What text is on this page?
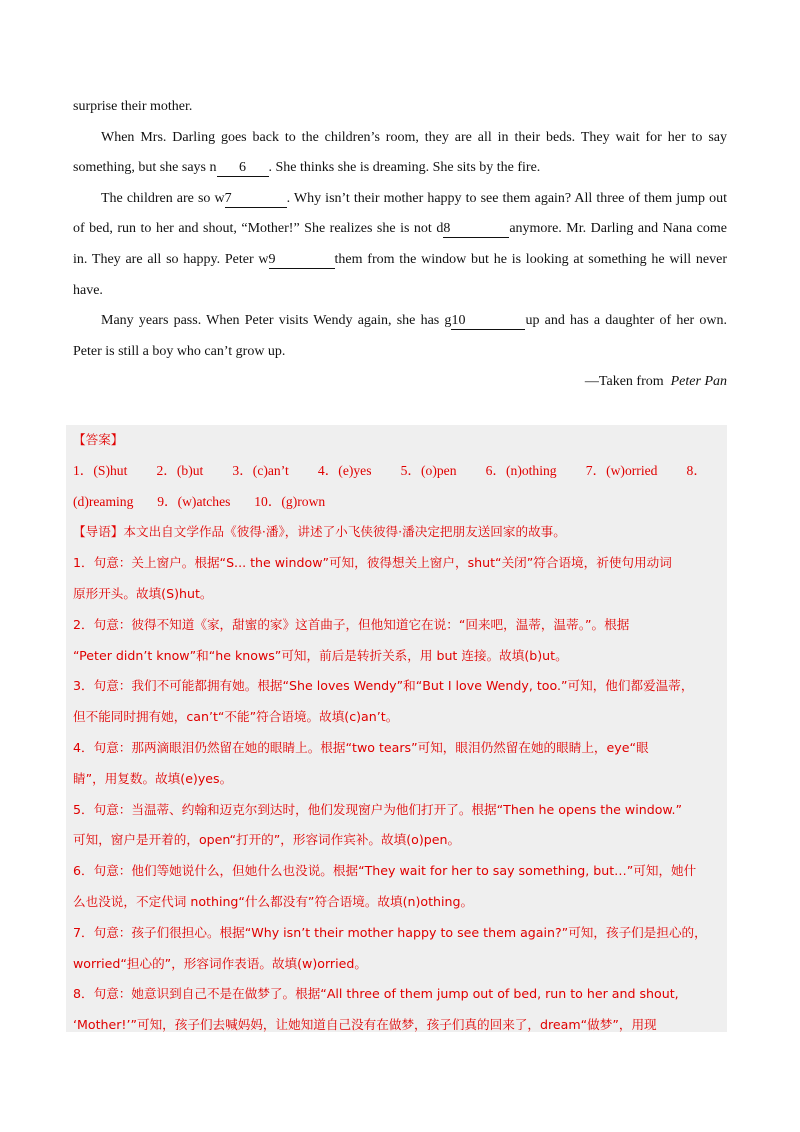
surprise their mother.
When Mrs. Darling goes back to the children’s room, they are all in their beds. They wait for her to say
something, but she says n 6 . She thinks she is dreaming. She sits by the fire.
The children are so w7	. Why isn’t their mother happy to see them again? All three of them jump out
of bed, run to her and shout, “Mother!” She realizes she is not d8	anymore. Mr. Darling and Nana come
in. They are all so happy. Peter w9	them from the window but he is looking at something he will never
have.
Many years pass. When Peter visits Wendy again, she has g10	up and has a daughter of her own.
Peter is still a boy who can’t grow up.
—Taken from Peter Pan
【答案】
1．(S)hut 2．(b)ut 3．(c)an’t 4．(e)yes 5．(o)pen 6．(n)othing 7．(w)orried 8．
(d)reaming 9．(w)atches 10．(g)rown
【导语】本文出自文学作品《彼得·潘》，讲述了小飞侠彼得·潘决定把朋友送回家的故事。
1．句意：关上窗户。根据“S... the window”可知，彼得想关上窗户，shut“关闭”符合语境，祈使句用动词
原形开头。故填(S)hut。
2．句意：彼得不知道《家，甜蜜的家》这首曲子，但他知道它在说：“回来吧，温蒂，温蒂。”。根据
“Peter didn’t know”和“he knows”可知，前后是转折关系，用 but 连接。故填(b)ut。
3．句意：我们不可能都拥有她。根据“She loves Wendy”和“But I love Wendy, too.”可知，他们都爱温蒂，
但不能同时拥有她，can’t“不能”符合语境。故填(c)an’t。
4．句意：那两滴眼泪仍然留在她的眼睛上。根据“two tears”可知，眼泪仍然留在她的眼睛上，eye“眼
睛”，用复数。故填(e)yes。
5．句意：当温蒂、约翰和迈克尔到达时，他们发现窗户为他们打开了。根据“Then he opens the window.”
可知，窗户是开着的，open“打开的”，形容词作宾补。故填(o)pen。
6．句意：他们等她说什么，但她什么也没说。根据“They wait for her to say something, but…”可知，她什
么也没说，不定代词 nothing“什么都没有”符合语境。故填(n)othing。
7．句意：孩子们很担心。根据“Why isn’t their mother happy to see them again?”可知，孩子们是担心的，
worried“担心的”，形容词作表语。故填(w)orried。
8．句意：她意识到自己不是在做梦了。根据“All three of them jump out of bed, run to her and shout,
‘Mother!’”可知，孩子们去喊妈妈，让她知道自己没有在做梦，孩子们真的回来了，dream“做梦”，用现
